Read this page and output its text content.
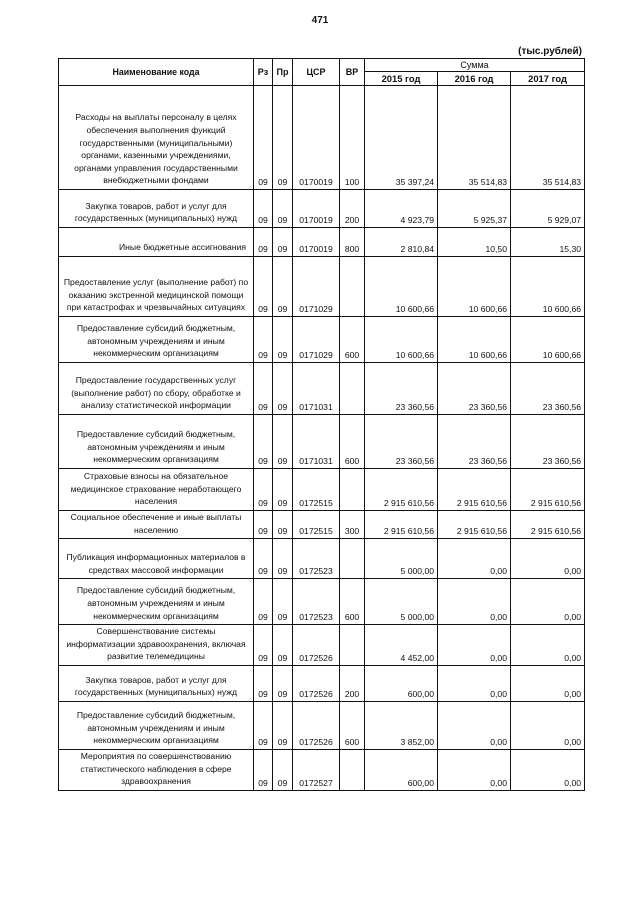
471
(тыс.рублей)
Наименование кода	Рз	Пр	ЦСР	ВР	Сумма		
					2015 год	2016 год	2017 год
Расходы на выплаты персоналу в целях обеспечения выполнения функций государственными (муниципальными) органами, казенными учреждениями, органами управления государственными внебюджетными фондами	09	09	0170019	100	35 397,24	35 514,83	35 514,83
Закупка товаров, работ и услуг для государственных (муниципальных) нужд	09	09	0170019	200	4 923,79	5 925,37	5 929,07
Иные бюджетные ассигнования	09	09	0170019	800	2 810,84	10,50	15,30
Предоставление услуг (выполнение работ) по оказанию экстренной медицинской помощи при катастрофах и чрезвычайных ситуациях	09	09	0171029		10 600,66	10 600,66	10 600,66
Предоставление субсидий бюджетным, автономным учреждениям и иным некоммерческим организациям	09	09	0171029	600	10 600,66	10 600,66	10 600,66
Предоставление государственных услуг (выполнение работ) по сбору, обработке и анализу статистической информации	09	09	0171031		23 360,56	23 360,56	23 360,56
Предоставление субсидий бюджетным, автономным учреждениям и иным некоммерческим организациям	09	09	0171031	600	23 360,56	23 360,56	23 360,56
Страховые взносы на обязательное медицинское страхование неработающего населения	09	09	0172515		2 915 610,56	2 915 610,56	2 915 610,56
Социальное обеспечение и иные выплаты населению	09	09	0172515	300	2 915 610,56	2 915 610,56	2 915 610,56
Публикация информационных материалов в средствах массовой информации	09	09	0172523		5 000,00	0,00	0,00
Предоставление субсидий бюджетным, автономным учреждениям и иным некоммерческим организациям	09	09	0172523	600	5 000,00	0,00	0,00
Совершенствование системы информатизации здравоохранения, включая развитие телемедицины	09	09	0172526		4 452,00	0,00	0,00
Закупка товаров, работ и услуг для государственных (муниципальных) нужд	09	09	0172526	200	600,00	0,00	0,00
Предоставление субсидий бюджетным, автономным учреждениям и иным некоммерческим организациям	09	09	0172526	600	3 852,00	0,00	0,00
Мероприятия по совершенствованию статистического наблюдения в сфере здравоохранения	09	09	0172527		600,00	0,00	0,00
